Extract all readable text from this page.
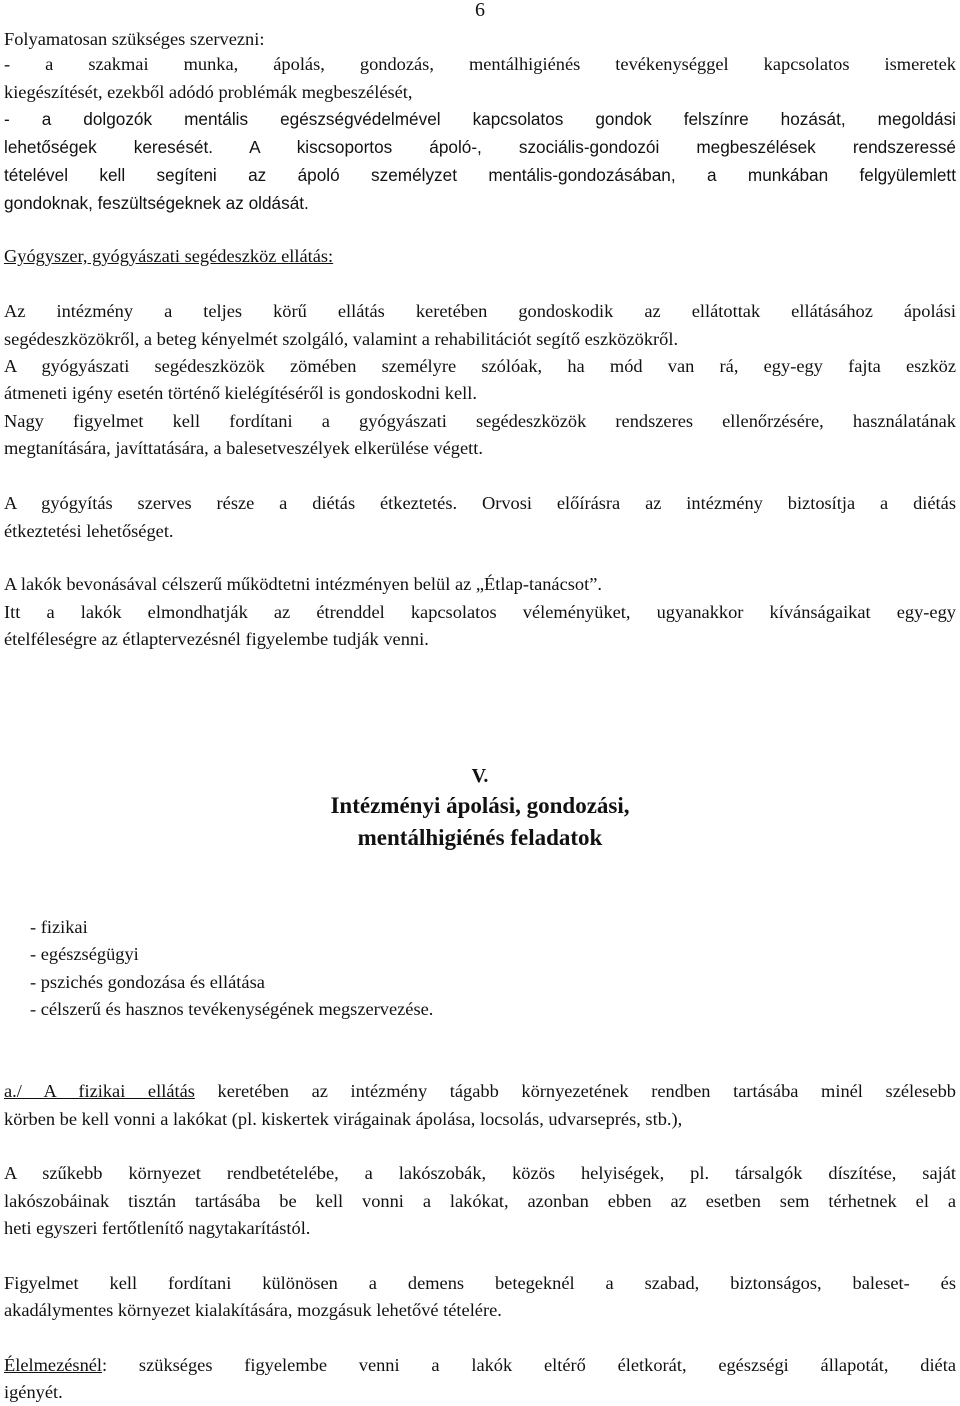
6
Folyamatosan szükséges szervezni:
- a szakmai munka, ápolás, gondozás, mentálhigiénés tevékenységgel kapcsolatos ismeretek
kiegészítését, ezekből adódó problémák megbeszélését,
- a dolgozók mentális egészségvédelmével kapcsolatos gondok felszínre hozását, megoldási
lehetőségek keresését. A kiscsoportos ápoló-, szociális-gondozói megbeszélések rendszeressé
tételével kell segíteni az ápoló személyzet mentális-gondozásában, a munkában felgyülemlett
gondoknak, feszültségeknek az oldását.
Gyógyszer, gyógyászati segédeszköz ellátás:
Az intézmény a teljes körű ellátás keretében gondoskodik az ellátottak ellátásához ápolási
segédeszközökről, a beteg kényelmét szolgáló, valamint a rehabilitációt segítő eszközökről.
A gyógyászati segédeszközök zömében személyre szólóak, ha mód van rá, egy-egy fajta eszköz
átmeneti igény esetén történő kielégítéséről is gondoskodni kell.
Nagy figyelmet kell fordítani a gyógyászati segédeszközök rendszeres ellenőrzésére, használatának
megtanítására, javíttatására, a balesetveszélyek elkerülése végett.
A gyógyítás szerves része a diétás étkeztetés. Orvosi előírásra az intézmény biztosítja a diétás
étkeztetési lehetőséget.
A lakók bevonásával célszerű működtetni intézményen belül az „Étlap-tanácsot”.
Itt a lakók elmondhatják az étrenddel kapcsolatos véleményüket, ugyanakkor kívánságaikat egy-egy
ételféleségre az étlaptervezésnél figyelembe tudják venni.
V.
Intézményi ápolási, gondozási,
mentálhigiénés feladatok
- fizikai
- egészségügyi
- pszichés gondozása és ellátása
- célszerű és hasznos tevékenységének megszervezése.
a./ A fizikai ellátás keretében az intézmény tágabb környezetének rendben tartásába minél szélesebb
körben be kell vonni a lakókat (pl. kiskertek virágainak ápolása, locsolás, udvarseprés, stb.),
A szűkebb környezet rendbetételébe, a lakószobák, közös helyiségek, pl. társalgók díszítése, saját
lakószobáinak tisztán tartásába be kell vonni a lakókat, azonban ebben az esetben sem térhetnek el a
heti egyszeri fertőtlenítő nagytakarítástól.
Figyelmet kell fordítani különösen a demens betegeknél a szabad, biztonságos, baleset- és
akadálymentes környezet kialakítására, mozgásuk lehetővé tételére.
Élelmezésnél: szükséges figyelembe venni a lakók eltérő életkorát, egészségi állapotát, diéta
igényét.
